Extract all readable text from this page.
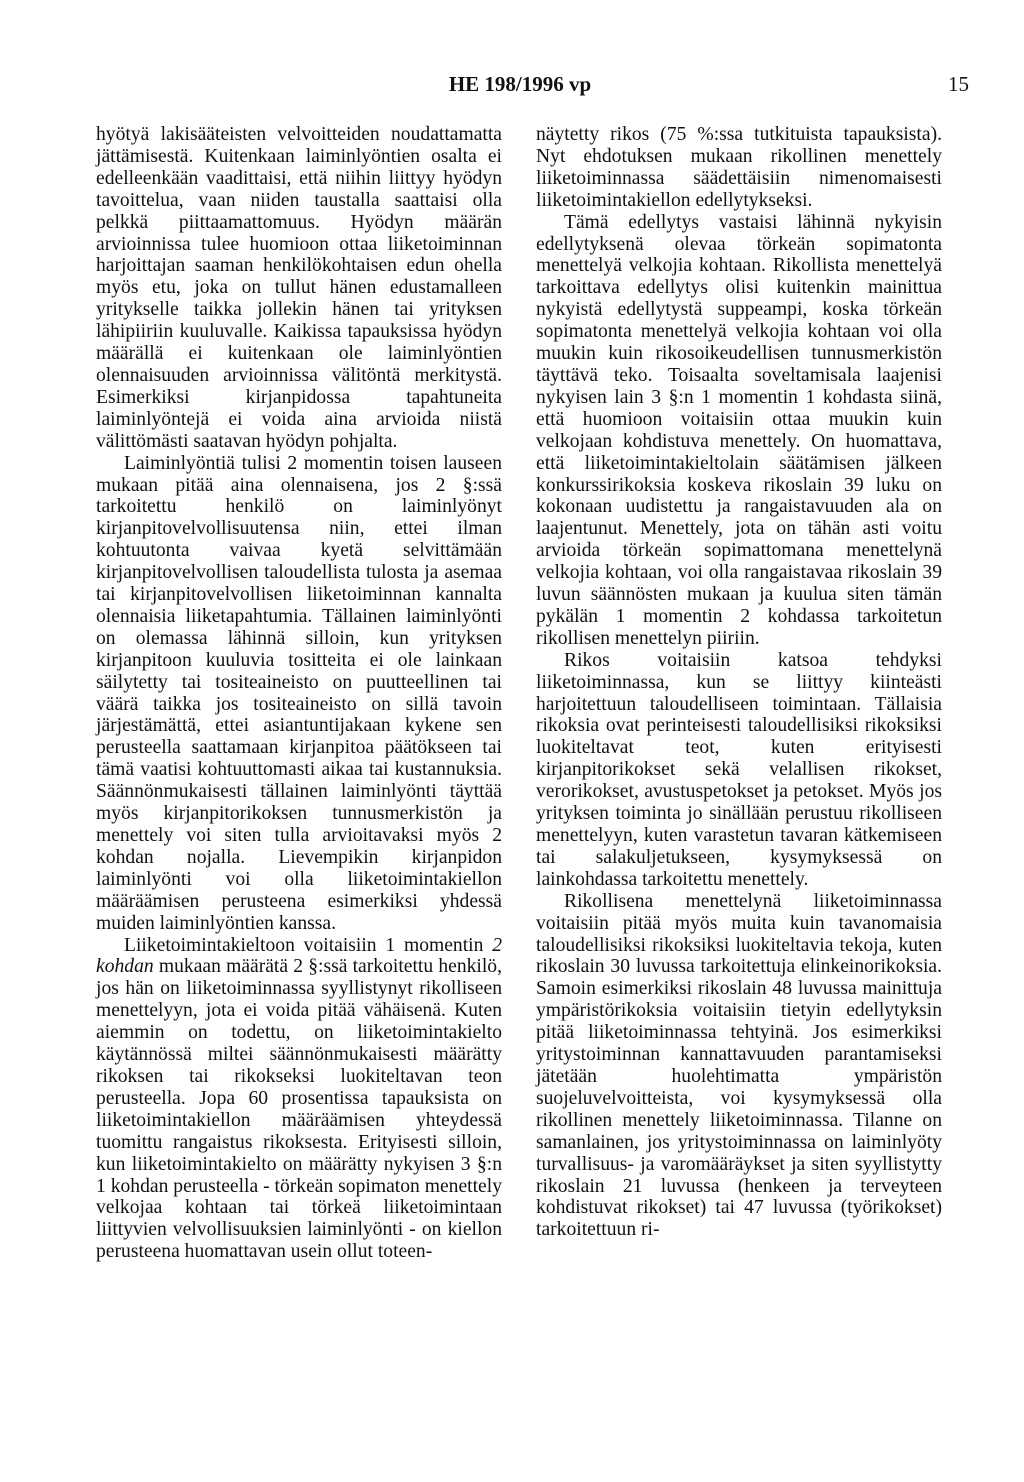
HE 198/1996 vp	15

hyötyä lakisääteisten velvoitteiden noudattamatta jättämisestä. Kuitenkaan laiminlyöntien osalta ei edelleenkään vaadittaisi, että niihin liittyy hyödyn tavoittelua, vaan niiden taustalla saattaisi olla pelkkä piittaamattomuus. Hyödyn määrän arvioinnissa tulee huomioon ottaa liiketoiminnan harjoittajan saaman henkilökohtaisen edun ohella myös etu, joka on tullut hänen edustamalleen yritykselle taikka jollekin hänen tai yrityksen lähipiiriin kuuluvalle. Kaikissa tapauksissa hyödyn määrällä ei kuitenkaan ole laiminlyöntien olennaisuuden arvioinnissa välitöntä merkitystä. Esimerkiksi kirjanpidossa tapahtuneita laiminlyöntejä ei voida aina arvioida niistä välittömästi saatavan hyödyn pohjalta.

Laiminlyöntiä tulisi 2 momentin toisen lauseen mukaan pitää aina olennaisena, jos 2 §:ssä tarkoitettu henkilö on laiminlyönyt kirjanpitovelvollisuutensa niin, ettei ilman kohtuutonta vaivaa kyetä selvittämään kirjanpitovelvollisen taloudellista tulosta ja asemaa tai kirjanpitovelvollisen liiketoiminnan kannalta olennaisia liiketapahtumia. Tällainen laiminlyönti on olemassa lähinnä silloin, kun yrityksen kirjanpitoon kuuluvia tositteita ei ole lainkaan säilytetty tai tositeaineisto on puutteellinen tai väärä taikka jos tositeaineisto on sillä tavoin järjestämättä, ettei asiantuntijakaan kykene sen perusteella saattamaan kirjanpitoa päätökseen tai tämä vaatisi kohtuuttomasti aikaa tai kustannuksia. Säännönmukaisesti tällainen laiminlyönti täyttää myös kirjanpitorikoksen tunnusmerkistön ja menettely voi siten tulla arvioitavaksi myös 2 kohdan nojalla. Lievempikin kirjanpidon laiminlyönti voi olla liiketoimintakiellon määräämisen perusteena esimerkiksi yhdessä muiden laiminlyöntien kanssa.

Liiketoimintakieltoon voitaisiin 1 momentin 2 kohdan mukaan määrätä 2 §:ssä tarkoitettu henkilö, jos hän on liiketoiminnassa syyllistynyt rikolliseen menettelyyn, jota ei voida pitää vähäisenä. Kuten aiemmin on todettu, on liiketoimintakielto käytännössä miltei säännönmukaisesti määrätty rikoksen tai rikokseksi luokiteltavan teon perusteella. Jopa 60 prosentissa tapauksista on liiketoimintakiellon määräämisen yhteydessä tuomittu rangaistus rikoksesta. Erityisesti silloin, kun liiketoimintakielto on määrätty nykyisen 3 §:n 1 kohdan perusteella - törkeän sopimaton menettely velkojaa kohtaan tai törkeä liiketoimintaan liittyvien velvollisuuksien laiminlyönti - on kiellon perusteena huomattavan usein ollut toteen-

näytetty rikos (75 %:ssa tutkituista tapauksista). Nyt ehdotuksen mukaan rikollinen menettely liiketoiminnassa säädettäisiin nimenomaisesti liiketoimintakiellon edellytykseksi.

Tämä edellytys vastaisi lähinnä nykyisin edellytyksenä olevaa törkeän sopimatonta menettelyä velkojia kohtaan. Rikollista menettelyä tarkoittava edellytys olisi kuitenkin mainittua nykyistä edellytystä suppeampi, koska törkeän sopimatonta menettelyä velkojia kohtaan voi olla muukin kuin rikosoikeudellisen tunnusmerkistön täyttävä teko. Toisaalta soveltamisala laajenisi nykyisen lain 3 §:n 1 momentin 1 kohdasta siinä, että huomioon voitaisiin ottaa muukin kuin velkojaan kohdistuva menettely. On huomattava, että liiketoimintakieltolain säätämisen jälkeen konkurssirikoksia koskeva rikoslain 39 luku on kokonaan uudistettu ja rangaistavuuden ala on laajentunut. Menettely, jota on tähän asti voitu arvioida törkeän sopimattomana menettelynä velkojia kohtaan, voi olla rangaistavaa rikoslain 39 luvun säännösten mukaan ja kuulua siten tämän pykälän 1 momentin 2 kohdassa tarkoitetun rikollisen menettelyn piiriin.

Rikos voitaisiin katsoa tehdyksi liiketoiminnassa, kun se liittyy kiinteästi harjoitettuun taloudelliseen toimintaan. Tällaisia rikoksia ovat perinteisesti taloudellisiksi rikoksiksi luokiteltavat teot, kuten erityisesti kirjanpitorikokset sekä velallisen rikokset, verorikokset, avustuspetokset ja petokset. Myös jos yrityksen toiminta jo sinällään perustuu rikolliseen menettelyyn, kuten varastetun tavaran kätkemiseen tai salakuljetukseen, kysymyksessä on lainkohdassa tarkoitettu menettely.

Rikollisena menettelynä liiketoiminnassa voitaisiin pitää myös muita kuin tavanomaisia taloudellisiksi rikoksiksi luokiteltavia tekoja, kuten rikoslain 30 luvussa tarkoitettuja elinkeinorikoksia. Samoin esimerkiksi rikoslain 48 luvussa mainittuja ympäristörikoksia voitaisiin tietyin edellytyksin pitää liiketoiminnassa tehtyinä. Jos esimerkiksi yritystoiminnan kannattavuuden parantamiseksi jätetään huolehtimatta ympäristön suojeluvelvoitteista, voi kysymyksessä olla rikollinen menettely liiketoiminnassa. Tilanne on samanlainen, jos yritystoiminnassa on laiminlyöty turvallisuus- ja varomääräykset ja siten syyllistytty rikoslain 21 luvussa (henkeen ja terveyteen kohdistuvat rikokset) tai 47 luvussa (työrikokset) tarkoitettuun ri-
